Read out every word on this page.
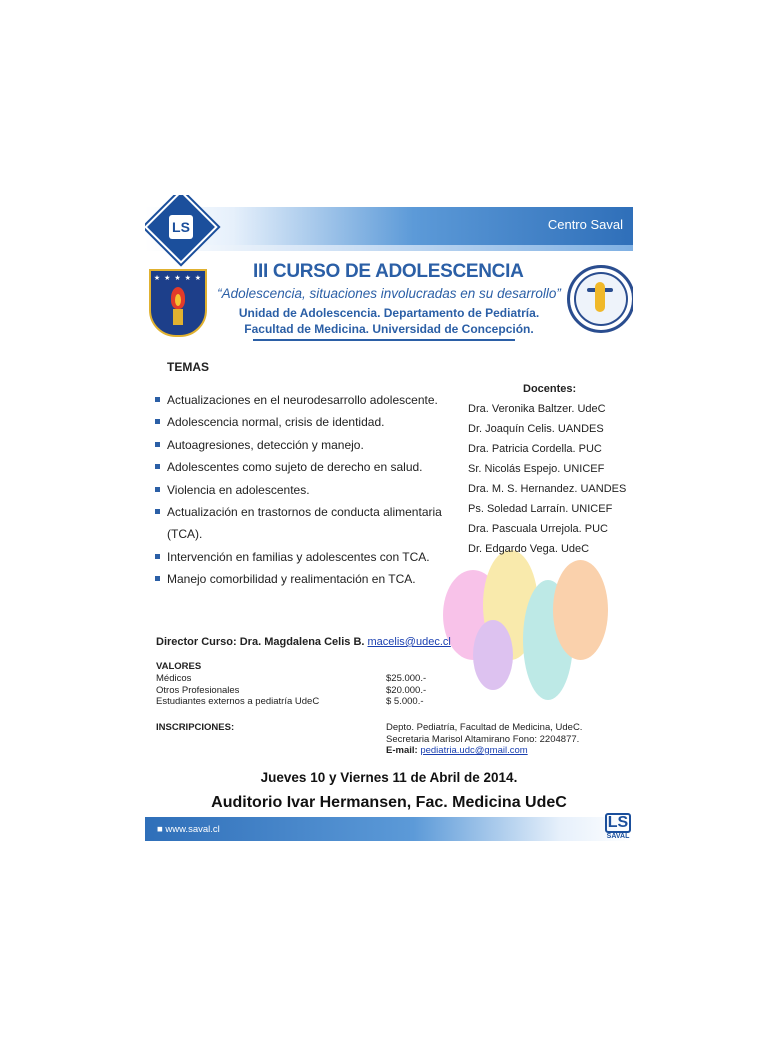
Centro Saval
LS
★ ★ ★ ★ ★	III CURSO DE ADOLESCENCIA
“Adolescencia, situaciones involucradas en su desarrollo”
Unidad de Adolescencia. Departamento de Pediatría.
Facultad de Medicina. Universidad de Concepción.
TEMAS
Actualizaciones en el neurodesarrollo adolescente.
Adolescencia normal, crisis de identidad.
Autoagresiones, detección y manejo.
Adolescentes como sujeto de derecho en salud.
Violencia en adolescentes.
Actualización en trastornos de conducta alimentaria (TCA).
Intervención en familias y adolescentes con TCA.
Manejo comorbilidad y realimentación en TCA.
Docentes:
Dra. Veronika Baltzer. UdeC
Dr. Joaquín Celis. UANDES
Dra. Patricia Cordella. PUC
Sr. Nicolás Espejo. UNICEF
Dra. M. S. Hernandez. UANDES
Ps. Soledad Larraín. UNICEF
Dra. Pascuala Urrejola. PUC
Dr. Edgardo Vega. UdeC
Director Curso: Dra. Magdalena Celis B. macelis@udec.cl
VALORES
Médicos	$25.000.-
Otros Profesionales	$20.000.-
Estudiantes externos a pediatría UdeC	$ 5.000.-
INSCRIPCIONES:	Depto. Pediatría, Facultad de Medicina, UdeC.
Secretaria Marisol Altamirano Fono: 2204877.
E-mail: pediatria.udc@gmail.com
Jueves 10 y Viernes 11 de Abril de 2014.
Auditorio Ivar Hermansen, Fac. Medicina UdeC
■ www.saval.cl	LS
SAVAL
